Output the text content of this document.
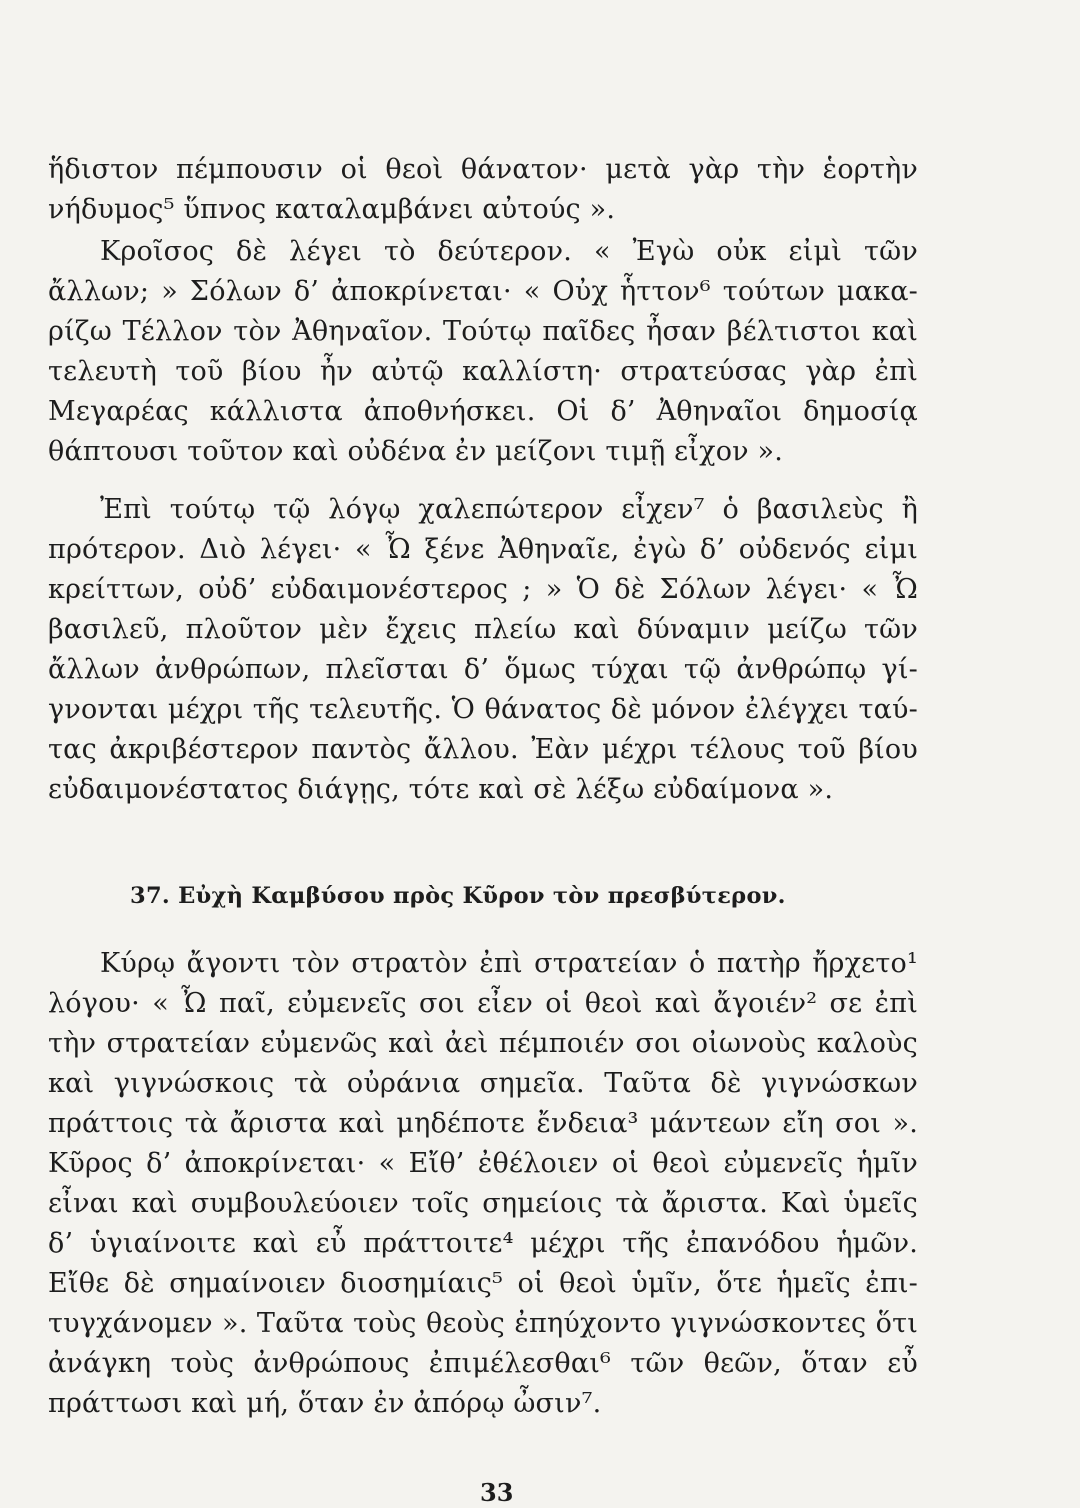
ἥδιστον πέμπουσιν οἱ θεοὶ θάνατον· μετὰ γὰρ τὴν ἑορτὴν
νήδυμος⁵ ὕπνος καταλαμβάνει αὐτούς ».
Κροῖσος δὲ λέγει τὸ δεύτερον. « Ἐγὼ οὐκ εἰμὶ τῶν
ἄλλων; » Σόλων δ’ ἀποκρίνεται· « Οὐχ ἧττον⁶ τούτων μακα-
ρίζω Τέλλον τὸν Ἀθηναῖον. Τούτῳ παῖδες ἦσαν βέλτιστοι καὶ
τελευτὴ τοῦ βίου ἦν αὐτῷ καλλίστη· στρατεύσας γὰρ ἐπὶ
Μεγαρέας κάλλιστα ἀποθνήσκει. Οἱ δ’ Ἀθηναῖοι δημοσίᾳ
θάπτουσι τοῦτον καὶ οὐδένα ἐν μείζονι τιμῇ εἶχον ».
Ἐπὶ τούτῳ τῷ λόγῳ χαλεπώτερον εἶχεν⁷ ὁ βασιλεὺς ἢ
πρότερον. Διὸ λέγει· « Ὦ ξένε Ἀθηναῖε, ἐγὼ δ’ οὐδενός εἰμι
κρείττων, οὐδ’ εὐδαιμονέστερος ; » Ὁ δὲ Σόλων λέγει· « Ὦ
βασιλεῦ, πλοῦτον μὲν ἔχεις πλείω καὶ δύναμιν μείζω τῶν
ἄλλων ἀνθρώπων, πλεῖσται δ’ ὅμως τύχαι τῷ ἀνθρώπῳ γί-
γνονται μέχρι τῆς τελευτῆς. Ὁ θάνατος δὲ μόνον ἐλέγχει ταύ-
τας ἀκριβέστερον παντὸς ἄλλου. Ἐὰν μέχρι τέλους τοῦ βίου
εὐδαιμονέστατος διάγῃς, τότε καὶ σὲ λέξω εὐδαίμονα ».
37. Εὐχὴ Καμβύσου πρὸς Κῦρον τὸν πρεσβύτερον.
Κύρῳ ἄγοντι τὸν στρατὸν ἐπὶ στρατείαν ὁ πατὴρ ἤρχετο¹
λόγου· « Ὦ παῖ, εὐμενεῖς σοι εἶεν οἱ θεοὶ καὶ ἄγοιέν² σε ἐπὶ
τὴν στρατείαν εὐμενῶς καὶ ἀεὶ πέμποιέν σοι οἰωνοὺς καλοὺς
καὶ γιγνώσκοις τὰ οὐράνια σημεῖα. Ταῦτα δὲ γιγνώσκων
πράττοις τὰ ἄριστα καὶ μηδέποτε ἔνδεια³ μάντεων εἴη σοι ».
Κῦρος δ’ ἀποκρίνεται· « Εἴθ’ ἐθέλοιεν οἱ θεοὶ εὐμενεῖς ἡμῖν
εἶναι καὶ συμβουλεύοιεν τοῖς σημείοις τὰ ἄριστα. Καὶ ὑμεῖς
δ’ ὑγιαίνοιτε καὶ εὖ πράττοιτε⁴ μέχρι τῆς ἐπανόδου ἡμῶν.
Εἴθε δὲ σημαίνοιεν διοσημίαις⁵ οἱ θεοὶ ὑμῖν, ὅτε ἡμεῖς ἐπι-
τυγχάνομεν ». Ταῦτα τοὺς θεοὺς ἐπηύχοντο γιγνώσκοντες ὅτι
ἀνάγκη τοὺς ἀνθρώπους ἐπιμέλεσθαι⁶ τῶν θεῶν, ὅταν εὖ
πράττωσι καὶ μή, ὅταν ἐν ἀπόρῳ ὦσιν⁷.
33
